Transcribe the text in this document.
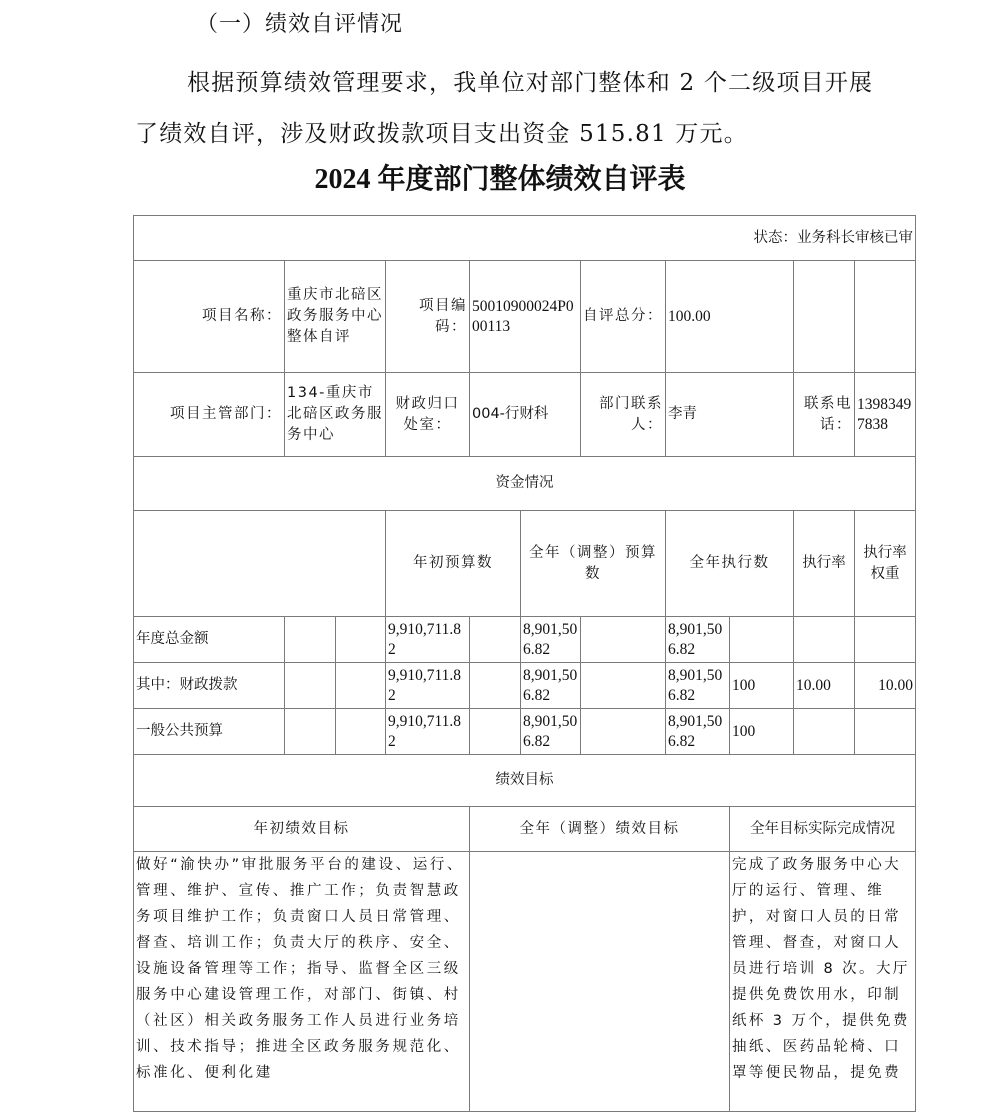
（一）绩效自评情况
根据预算绩效管理要求，我单位对部门整体和 2 个二级项目开展了绩效自评，涉及财政拨款项目支出资金 515.81 万元。
2024 年度部门整体绩效自评表
状态：业务科长审核已审
项目名称：	重庆市北碚区政务服务中心整体自评	项目编码：	50010900024P000113	自评总分：	100.00		
项目主管部门：	134-重庆市北碚区政务服务中心	财政归口处室：	004-行财科	部门联系人：	李青	联系电话：	13983497838
资金情况
	年初预算数	全年（调整）预算数	全年执行数	执行率	执行率权重	
年度总金额			9,910,711.82		8,901,506.82		8,901,506.82			
其中：财政拨款			9,910,711.82		8,901,506.82		8,901,506.82	100	10.00	10.00
一般公共预算			9,910,711.82		8,901,506.82		8,901,506.82	100		
绩效目标
年初绩效目标	全年（调整）绩效目标	全年目标实际完成情况
做好“渝快办”审批服务平台的建设、运行、管理、维护、宣传、推广工作；负责智慧政务项目维护工作；负责窗口人员日常管理、督查、培训工作；负责大厅的秩序、安全、设施设备管理等工作；指导、监督全区三级服务中心建设管理工作，对部门、街镇、村（社区）相关政务服务工作人员进行业务培训、技术指导；推进全区政务服务规范化、标准化、便利化建		完成了政务服务中心大厅的运行、管理、维护，对窗口人员的日常管理、督查，对窗口人员进行培训 8 次。大厅提供免费饮用水，印制纸杯 3 万个，提供免费抽纸、医药品轮椅、口罩等便民物品，提免费
